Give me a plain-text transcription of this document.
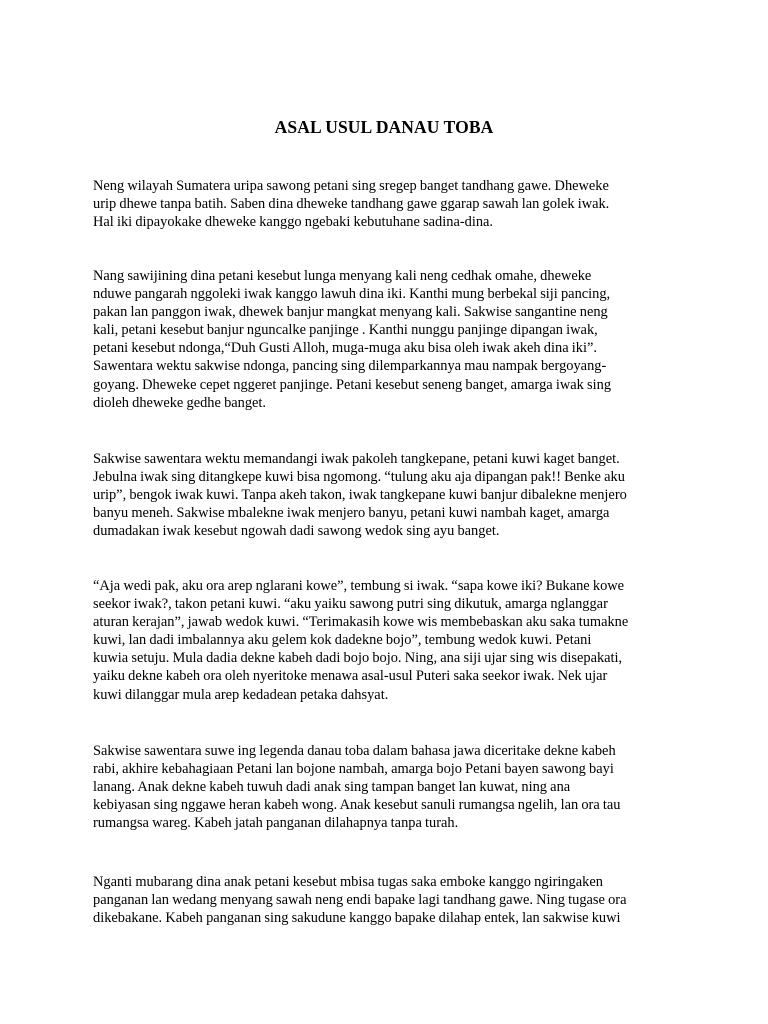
ASAL USUL DANAU TOBA

Neng wilayah Sumatera uripa sawong petani sing sregep banget tandhang gawe. Dheweke
urip dhewe tanpa batih. Saben dina dheweke tandhang gawe ggarap sawah lan golek iwak.
Hal iki dipayokake dheweke kanggo ngebaki kebutuhane sadina-dina.

Nang sawijining dina petani kesebut lunga menyang kali neng cedhak omahe, dheweke
nduwe pangarah nggoleki iwak kanggo lawuh dina iki. Kanthi mung berbekal siji pancing,
pakan lan panggon iwak, dhewek banjur mangkat menyang kali. Sakwise sangantine neng
kali, petani kesebut banjur nguncalke panjinge . Kanthi nunggu panjinge dipangan iwak,
petani kesebut ndonga,“Duh Gusti Alloh, muga-muga aku bisa oleh iwak akeh dina iki”.
Sawentara wektu sakwise ndonga, pancing sing dilemparkannya mau nampak bergoyang-
goyang. Dheweke cepet nggeret panjinge. Petani kesebut seneng banget, amarga iwak sing
dioleh dheweke gedhe banget.

Sakwise sawentara wektu memandangi iwak pakoleh tangkepane, petani kuwi kaget banget.
Jebulna iwak sing ditangkepe kuwi bisa ngomong. “tulung aku aja dipangan pak!! Benke aku
urip”, bengok iwak kuwi. Tanpa akeh takon, iwak tangkepane kuwi banjur dibalekne menjero
banyu meneh. Sakwise mbalekne iwak menjero banyu, petani kuwi nambah kaget, amarga
dumadakan iwak kesebut ngowah dadi sawong wedok sing ayu banget.

“Aja wedi pak, aku ora arep nglarani kowe”, tembung si iwak. “sapa kowe iki? Bukane kowe
seekor iwak?, takon petani kuwi. “aku yaiku sawong putri sing dikutuk, amarga nglanggar
aturan kerajan”, jawab wedok kuwi. “Terimakasih kowe wis membebaskan aku saka tumakne
kuwi, lan dadi imbalannya aku gelem kok dadekne bojo”, tembung wedok kuwi. Petani
kuwia setuju. Mula dadia dekne kabeh dadi bojo bojo. Ning, ana siji ujar sing wis disepakati,
yaiku dekne kabeh ora oleh nyeritoke menawa asal-usul Puteri saka seekor iwak. Nek ujar
kuwi dilanggar mula arep kedadean petaka dahsyat.

Sakwise sawentara suwe ing legenda danau toba dalam bahasa jawa diceritake dekne kabeh
rabi, akhire kebahagiaan Petani lan bojone nambah, amarga bojo Petani bayen sawong bayi
lanang. Anak dekne kabeh tuwuh dadi anak sing tampan banget lan kuwat, ning ana
kebiyasan sing nggawe heran kabeh wong. Anak kesebut sanuli rumangsa ngelih, lan ora tau
rumangsa wareg. Kabeh jatah panganan dilahapnya tanpa turah.

Nganti mubarang dina anak petani kesebut mbisa tugas saka emboke kanggo ngiringaken
panganan lan wedang menyang sawah neng endi bapake lagi tandhang gawe. Ning tugase ora
dikebakane. Kabeh panganan sing sakudune kanggo bapake dilahap entek, lan sakwise kuwi
